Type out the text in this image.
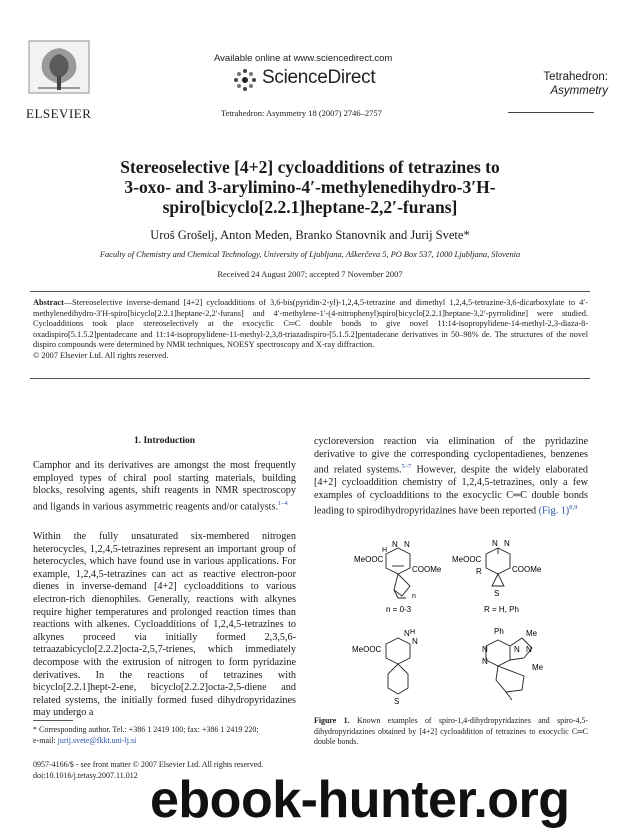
ELSEVIER
Available online at www.sciencedirect.com
ScienceDirect
Tetrahedron: Asymmetry 18 (2007) 2746–2757
Tetrahedron:
Asymmetry
Stereoselective [4+2] cycloadditions of tetrazines to
3-oxo- and 3-arylimino-4′-methylenedihydro-3′H-
spiro[bicyclo[2.2.1]heptane-2,2′-furans]
Uroš Grošelj, Anton Meden, Branko Stanovnik and Jurij Svete*
Faculty of Chemistry and Chemical Technology, University of Ljubljana, Aškerčeva 5, PO Box 537, 1000 Ljubljana, Slovenia
Received 24 August 2007; accepted 7 November 2007
Abstract—Stereoselective inverse-demand [4+2] cycloadditions of 3,6-bis(pyridin-2-yl)-1,2,4,5-tetrazine and dimethyl 1,2,4,5-tetrazine-3,6-dicarboxylate to 4′-methylenedihydro-3′H-spiro[bicyclo[2.2.1]heptane-2,2′-furans] and 4′-methylene-1′-(4-nitrophenyl)spiro[bicyclo[2.2.1]heptane-3,2′-pyrrolidine] were studied. Cycloadditions took place stereoselectively at the exocyclic C═C double bonds to give novel 11:14-isopropylidene-14-methyl-2,3-diaza-8-oxadispiro[5.1.5.2]pentadecane and 11:14-isopropylidene-11-methyl-2,3,8-triazadispiro-[5.1.5.2]pentadecane derivatives in 50–98% de. The structures of the novel dispiro compounds were determined by NMR techniques, NOESY spectroscopy and X-ray diffraction.
© 2007 Elsevier Ltd. All rights reserved.
1. Introduction

Camphor and its derivatives are amongst the most frequently employed types of chiral pool starting materials, building blocks, resolving agents, shift reagents in NMR spectroscopy and ligands in various asymmetric reagents and/or catalysts.$^{1-4}$

Within the fully unsaturated six-membered nitrogen heterocycles, 1,2,4,5-tetrazines represent an important group of heterocycles, which have found use in various applications. For example, 1,2,4,5-tetrazines can act as reactive electron-poor dienes in inverse-demand [4+2] cycloadditions to various electron-rich dienophiles. Generally, reactions with alkynes require higher temperatures and prolonged reaction times than reactions with alkenes. Cycloadditions of 1,2,4,5-tetrazines to alkynes proceed via initially formed 2,3,5,6-tetraazabicyclo[2.2.2]octa-2,5,7-trienes, which immediately decompose with the extrusion of nitrogen to form pyridazine derivatives. In the reactions of tetrazines with bicyclo[2.2.1]hept-2-ene, bicyclo[2.2.2]octa-2,5-diene and related systems, the initially formed fused dihydropyridazines may undergo a

* Corresponding author. Tel.: +386 1 2419 100; fax: +386 1 2419 220;
e-mail: jurij.svete@fkkt.uni-lj.si
0957-4166/$ - see front matter © 2007 Elsevier Ltd. All rights reserved.
doi:10.1016/j.tetasy.2007.11.012

cycloreversion reaction via elimination of the pyridazine derivative to give the corresponding cyclopentadienes, benzenes and related systems.$^{5-7}$ However, despite the widely elaborated [4+2] cycloaddition chemistry of 1,2,4,5-tetrazines, only a few examples of cycloadditions to the exocyclic C═C double bonds leading to spirodihydropyridazines have been reported (Fig. 1)$^{8,9}$

MeOOC
COOMe
N N
H
n
n = 0-3
MeOOC
COOMe
N N
R
S
R = H, Ph
MeOOC
N
N
H
S
Ph	Me
Me
N
N
N N

Figure 1. Known examples of spiro-1,4-dihydropyridazines and spiro-4,5-dihydropyridazines obtained by [4+2] cycloaddition of tetrazines to exocyclic C═C double bonds.

ebook-hunter.org
